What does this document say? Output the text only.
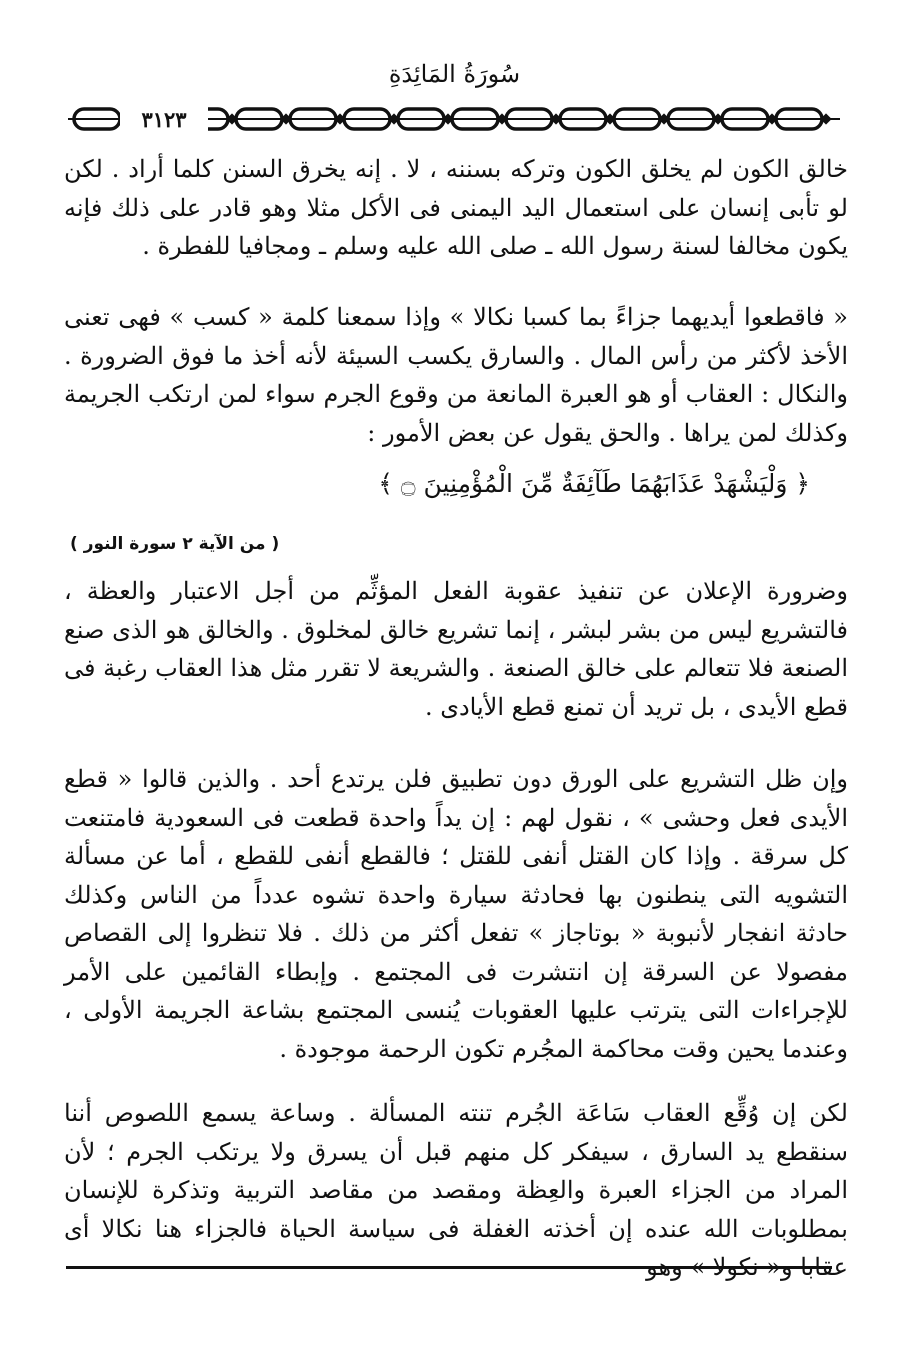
سُورَةُ المَائِدَةِ
٣١٢٣
خالق الكون لم يخلق الكون وتركه بسننه ، لا . إنه يخرق السنن كلما أراد . لكن لو تأبى إنسان على استعمال اليد اليمنى فى الأكل مثلا وهو قادر على ذلك فإنه يكون مخالفا لسنة رسول الله ـ صلى الله عليه وسلم ـ ومجافيا للفطرة .
« فاقطعوا أيديهما جزاءً بما كسبا نكالا » وإذا سمعنا كلمة « كسب » فهى تعنى الأخذ لأكثر من رأس المال . والسارق يكسب السيئة لأنه أخذ ما فوق الضرورة . والنكال : العقاب أو هو العبرة المانعة من وقوع الجرم سواء لمن ارتكب الجريمة وكذلك لمن يراها . والحق يقول عن بعض الأمور :
﴿ وَلْيَشْهَدْ عَذَابَهُمَا طَآئِفَةٌ مِّنَ الْمُؤْمِنِينَ ۝ ﴾
( من الآية ٢ سورة النور )
وضرورة الإعلان عن تنفيذ عقوبة الفعل المؤثِّم من أجل الاعتبار والعظة ، فالتشريع ليس من بشر لبشر ، إنما تشريع خالق لمخلوق . والخالق هو الذى صنع الصنعة فلا تتعالم على خالق الصنعة . والشريعة لا تقرر مثل هذا العقاب رغبة فى قطع الأيدى ، بل تريد أن تمنع قطع الأيادى .
وإن ظل التشريع على الورق دون تطبيق فلن يرتدع أحد . والذين قالوا « قطع الأيدى فعل وحشى » ، نقول لهم : إن يداً واحدة قطعت فى السعودية فامتنعت كل سرقة . وإذا كان القتل أنفى للقتل ؛ فالقطع أنفى للقطع ، أما عن مسألة التشويه التى ينطنون بها فحادثة سيارة واحدة تشوه عدداً من الناس وكذلك حادثة انفجار لأنبوبة « بوتاجاز » تفعل أكثر من ذلك . فلا تنظروا إلى القصاص مفصولا عن السرقة إن انتشرت فى المجتمع . وإبطاء القائمين على الأمر للإجراءات التى يترتب عليها العقوبات يُنسى المجتمع بشاعة الجريمة الأولى ، وعندما يحين وقت محاكمة المجُرم تكون الرحمة موجودة .
لكن إن وُقِّع العقاب سَاعَة الجُرم تنته المسألة . وساعة يسمع اللصوص أننا سنقطع يد السارق ، سيفكر كل منهم قبل أن يسرق ولا يرتكب الجرم ؛ لأن المراد من الجزاء العبرة والعِظة ومقصد من مقاصد التربية وتذكرة للإنسان بمطلوبات الله عنده إن أخذته الغفلة فى سياسة الحياة فالجزاء هنا نكالا أى عقابا و« نكولا » وهو
